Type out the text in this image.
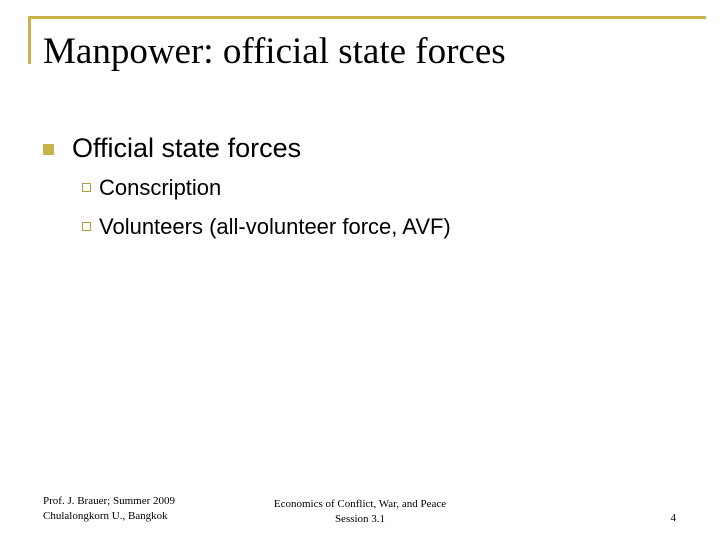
Manpower: official state forces
Official state forces
Conscription
Volunteers (all-volunteer force, AVF)
Prof. J. Brauer; Summer 2009
Chulalongkorn U., Bangkok
Economics of Conflict, War, and Peace
Session 3.1	4
